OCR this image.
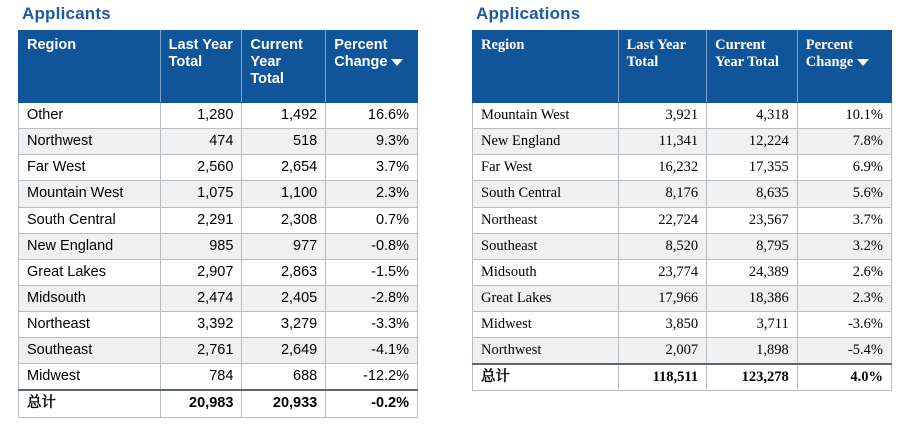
Applicants
Region	Last Year Total	Current Year Total	Percent Change
Other	1,280	1,492	16.6%
Northwest	474	518	9.3%
Far West	2,560	2,654	3.7%
Mountain West	1,075	1,100	2.3%
South Central	2,291	2,308	0.7%
New England	985	977	-0.8%
Great Lakes	2,907	2,863	-1.5%
Midsouth	2,474	2,405	-2.8%
Northeast	3,392	3,279	-3.3%
Southeast	2,761	2,649	-4.1%
Midwest	784	688	-12.2%
总计	20,983	20,933	-0.2%
Applications
Region	Last Year Total	Current Year Total	Percent Change
Mountain West	3,921	4,318	10.1%
New England	11,341	12,224	7.8%
Far West	16,232	17,355	6.9%
South Central	8,176	8,635	5.6%
Northeast	22,724	23,567	3.7%
Southeast	8,520	8,795	3.2%
Midsouth	23,774	24,389	2.6%
Great Lakes	17,966	18,386	2.3%
Midwest	3,850	3,711	-3.6%
Northwest	2,007	1,898	-5.4%
总计	118,511	123,278	4.0%
